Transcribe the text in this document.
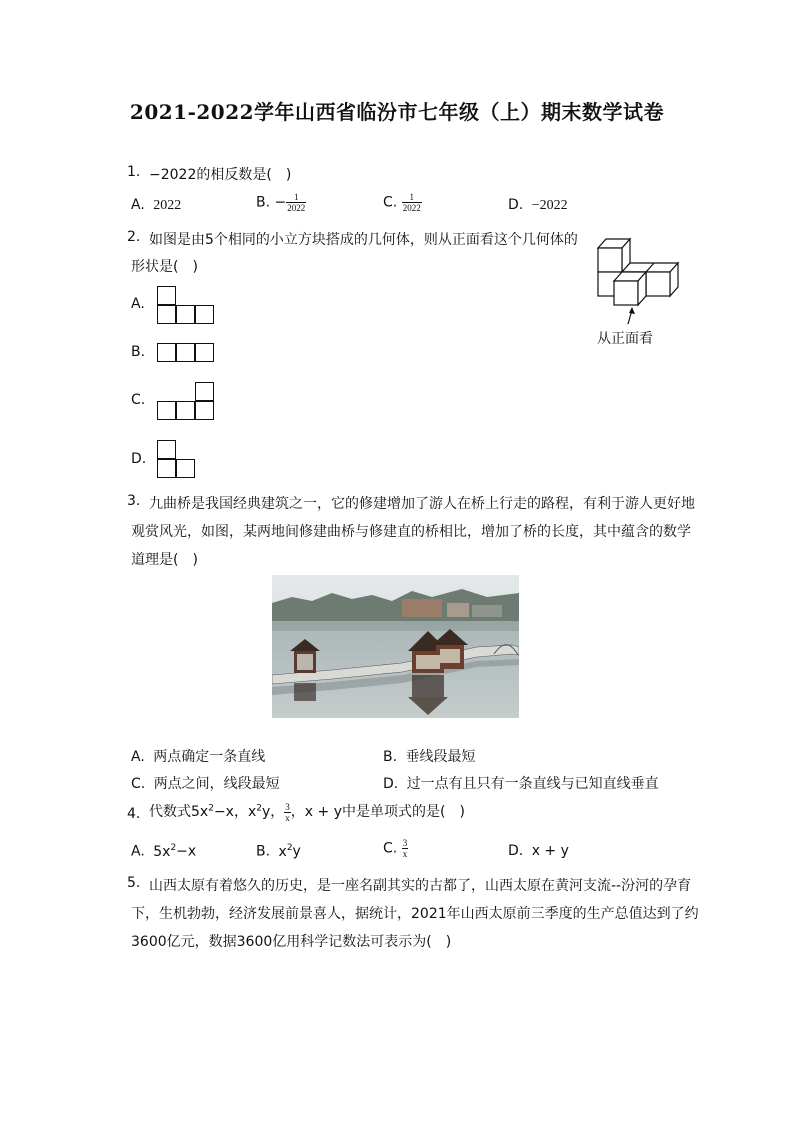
2021-2022学年山西省临汾市七年级（上）期末数学试卷
1. −2022的相反数是(　)
A. 2022	B. − $\frac{1}{2022}$	C. $\frac{1}{2022}$	D. −2022
2. 如图是由5个相同的小立方块搭成的几何体，则从正面看这个几何体的
形状是(　)
从正面看
A.
B.
C.
D.
3. 九曲桥是我国经典建筑之一，它的修建增加了游人在桥上行走的路程，有利于游人更好地
观赏风光，如图，某两地间修建曲桥与修建直的桥相比，增加了桥的长度，其中蕴含的数学
道理是(　)
A. 两点确定一条直线	B. 垂线段最短
C. 两点之间，线段最短	D. 过一点有且只有一条直线与已知直线垂直
4. 代数式$5x^2-x$，$x^2y$， $\frac{3}{x}$ ，x + y中是单项式的是(　)
A. $5x^2-x$	B. $x^2y$	C. $\frac{3}{x}$	D. x + y
5. 山西太原有着悠久的历史，是一座名副其实的古都了，山西太原在黄河支流--汾河的孕育
下，生机勃勃，经济发展前景喜人，据统计，2021年山西太原前三季度的生产总值达到了约
3600亿元，数据3600亿用科学记数法可表示为(　)
